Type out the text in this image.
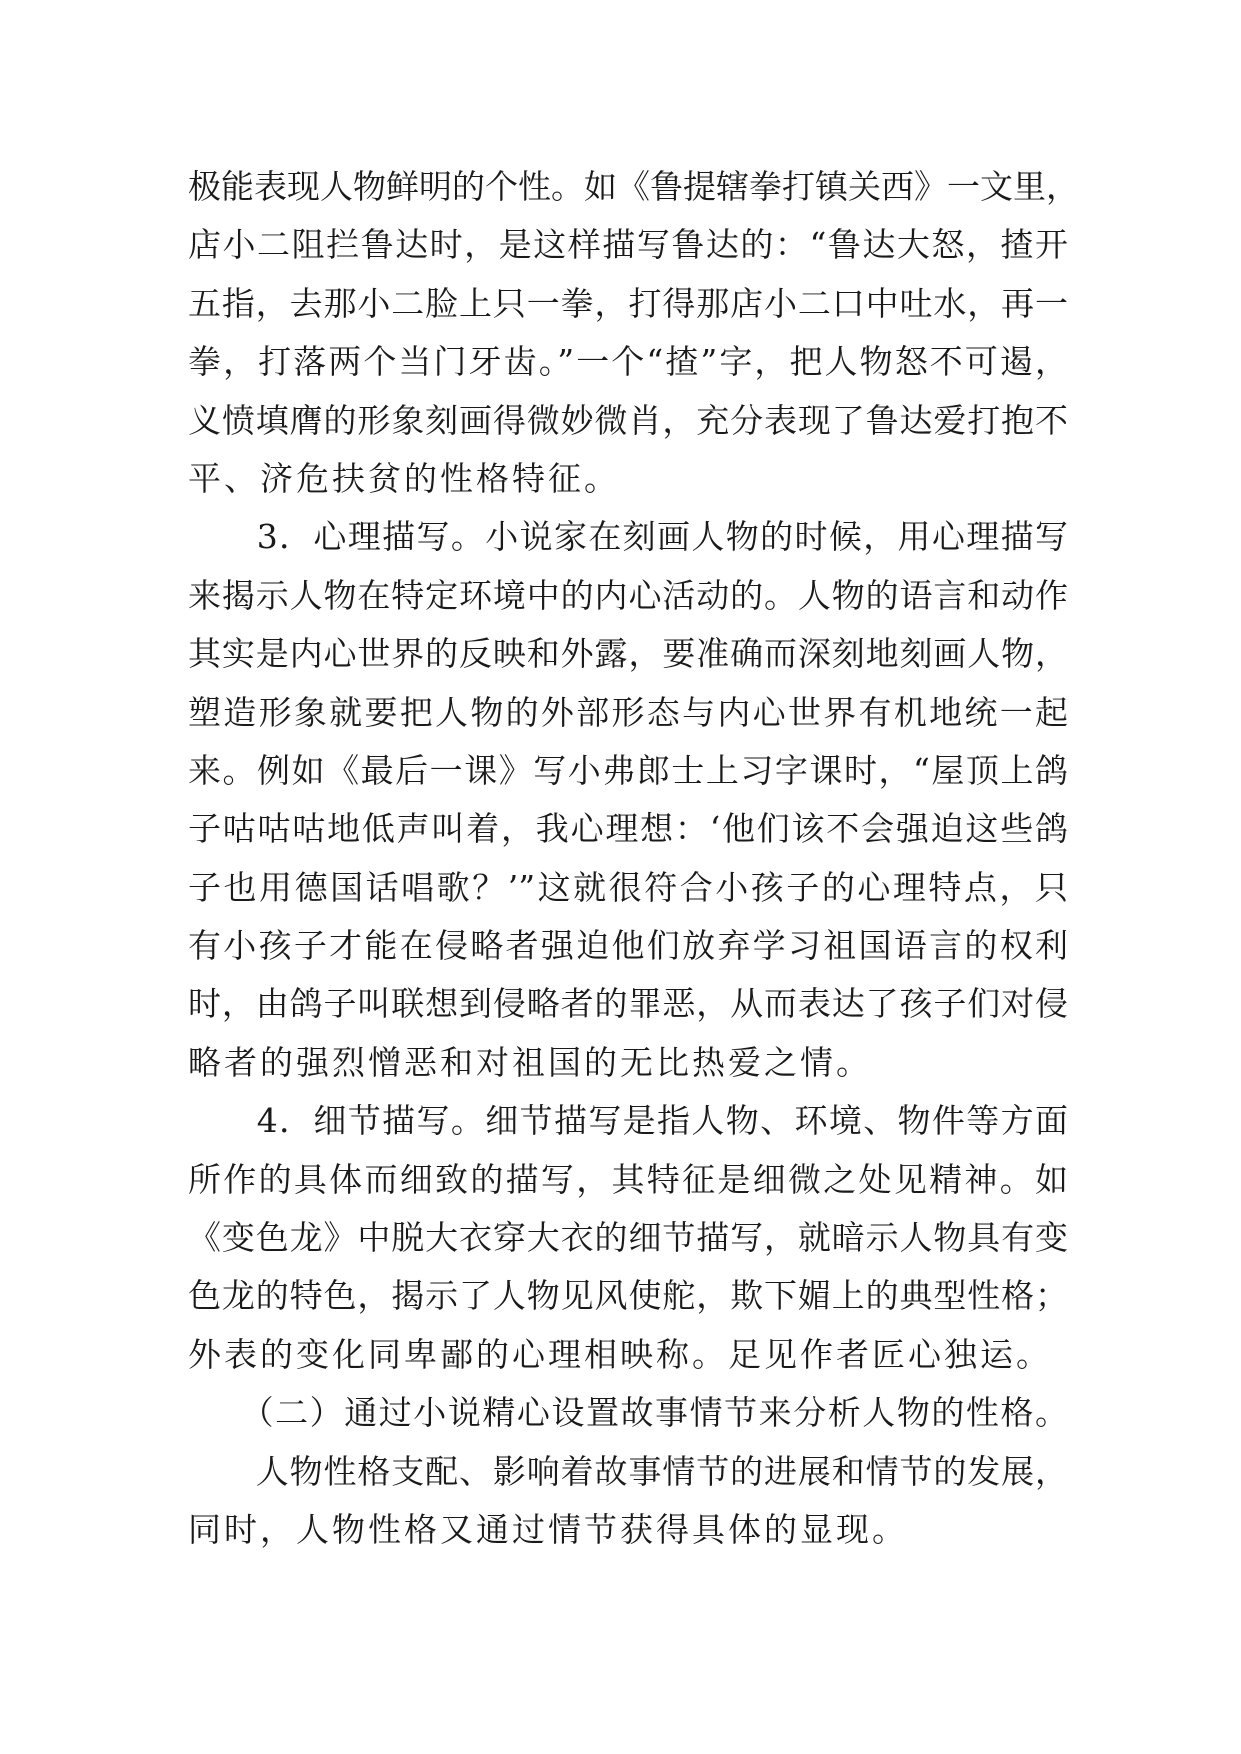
极能表现人物鲜明的个性。如《鲁提辖拳打镇关西》一文里，
店小二阻拦鲁达时，是这样描写鲁达的：“鲁达大怒，揸开
五指，去那小二脸上只一拳，打得那店小二口中吐水，再一
拳，打落两个当门牙齿。”一个“揸”字，把人物怒不可遏，
义愤填膺的形象刻画得微妙微肖，充分表现了鲁达爱打抱不
平、济危扶贫的性格特征。
　　3．心理描写。小说家在刻画人物的时候，用心理描写
来揭示人物在特定环境中的内心活动的。人物的语言和动作
其实是内心世界的反映和外露，要准确而深刻地刻画人物，
塑造形象就要把人物的外部形态与内心世界有机地统一起
来。例如《最后一课》写小弗郎士上习字课时，“屋顶上鸽
子咕咕咕地低声叫着，我心理想：‘他们该不会强迫这些鸽
子也用德国话唱歌？’”这就很符合小孩子的心理特点，只
有小孩子才能在侵略者强迫他们放弃学习祖国语言的权利
时，由鸽子叫联想到侵略者的罪恶，从而表达了孩子们对侵
略者的强烈憎恶和对祖国的无比热爱之情。
　　4．细节描写。细节描写是指人物、环境、物件等方面
所作的具体而细致的描写，其特征是细微之处见精神。如
《变色龙》中脱大衣穿大衣的细节描写，就暗示人物具有变
色龙的特色，揭示了人物见风使舵，欺下媚上的典型性格；
外表的变化同卑鄙的心理相映称。足见作者匠心独运。
　　（二）通过小说精心设置故事情节来分析人物的性格。
　　人物性格支配、影响着故事情节的进展和情节的发展，
同时，人物性格又通过情节获得具体的显现。
